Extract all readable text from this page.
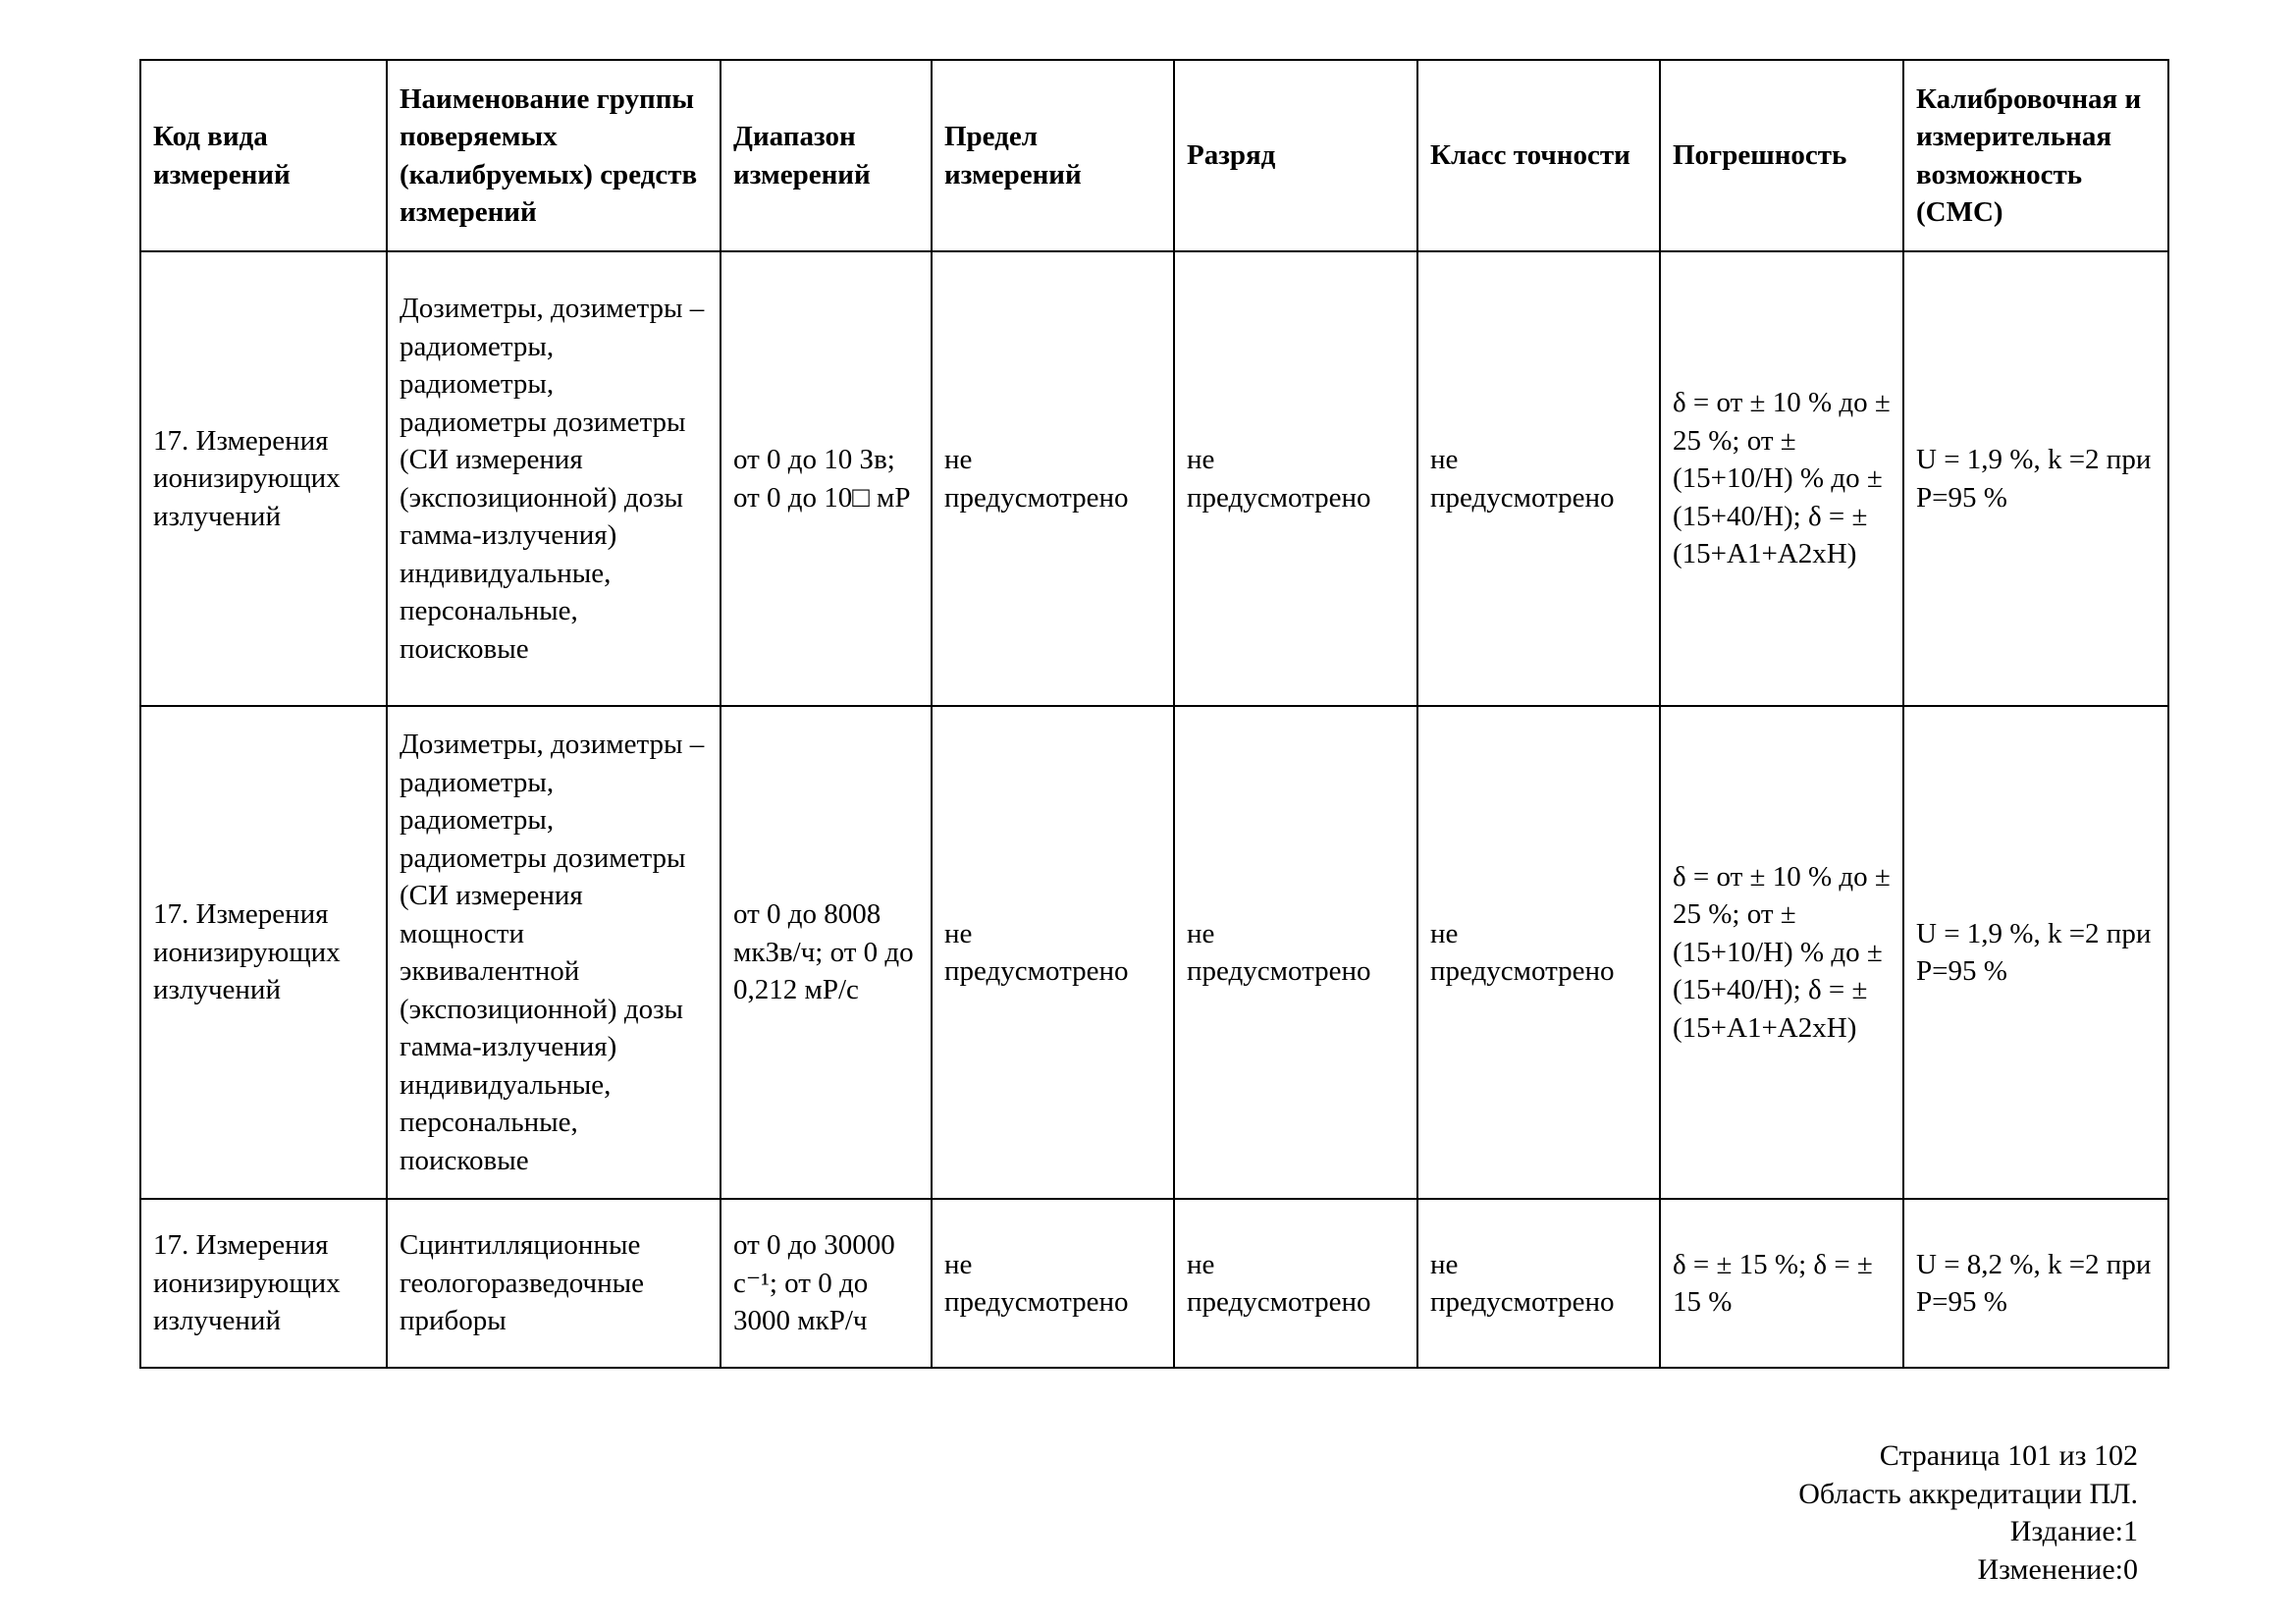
Код вида измерений	Наименование группы поверяемых (калибруемых) средств измерений	Диапазон измерений	Предел измерений	Разряд	Класс точности	Погрешность	Калибровочная и измерительная возможность (СМС)
17. Измерения ионизирующих излучений	Дозиметры, дозиметры – радиометры, радиометры, радиометры дозиметры (СИ измерения (экспозиционной) дозы гамма-излучения) индивидуальные, персональные, поисковые	от 0 до 10 Зв; от 0 до 10□ мР	не предусмотрено	не предусмотрено	не предусмотрено	δ = от ± 10 % до ± 25 %; от ± (15+10/Н) % до ± (15+40/Н); δ = ± (15+А1+А2хН)	U = 1,9 %, k =2 при P=95 %
17. Измерения ионизирующих излучений	Дозиметры, дозиметры – радиометры, радиометры, радиометры дозиметры (СИ измерения мощности эквивалентной (экспозиционной) дозы гамма-излучения) индивидуальные, персональные, поисковые	от 0 до 8008 мкЗв/ч; от 0 до 0,212 мР/с	не предусмотрено	не предусмотрено	не предусмотрено	δ = от ± 10 % до ± 25 %; от ± (15+10/Н) % до ± (15+40/Н); δ = ± (15+А1+А2хН)	U = 1,9 %, k =2 при P=95 %
17. Измерения ионизирующих излучений	Сцинтилляционные геологоразведочные приборы	от 0 до 30000 с⁻¹; от 0 до 3000 мкР/ч	не предусмотрено	не предусмотрено	не предусмотрено	δ = ± 15 %; δ = ± 15 %	U = 8,2 %, k =2 при P=95 %
Страница 101 из 102
Область аккредитации ПЛ.
Издание:1
Изменение:0
